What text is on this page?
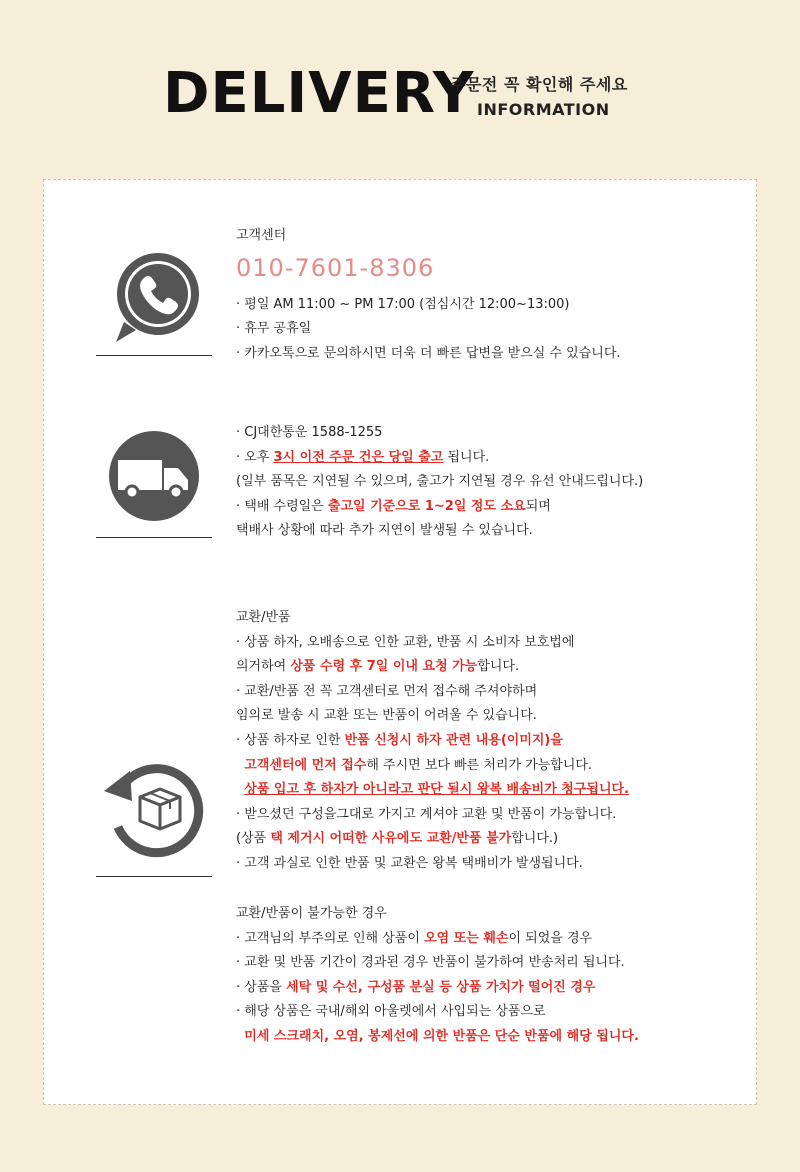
DELIVERY
주문전 꼭 확인해 주세요
INFORMATION
고객센터
010-7601-8306
· 평일 AM 11:00 ~ PM 17:00 (점심시간 12:00~13:00)
· 휴무 공휴일
· 카카오톡으로 문의하시면 더욱 더 빠른 답변을 받으실 수 있습니다.
· CJ대한통운 1588-1255
· 오후 3시 이전 주문 건은 당일 출고 됩니다.
(일부 품목은 지연될 수 있으며, 출고가 지연될 경우 유선 안내드립니다.)
· 택배 수령일은 출고일 기준으로 1~2일 정도 소요되며
택배사 상황에 따라 추가 지연이 발생될 수 있습니다.
교환/반품
· 상품 하자, 오배송으로 인한 교환, 반품 시 소비자 보호법에
의거하여 상품 수령 후 7일 이내 요청 가능합니다.
· 교환/반품 전 꼭 고객센터로 먼저 접수해 주셔야하며
임의로 발송 시 교환 또는 반품이 어려울 수 있습니다.
· 상품 하자로 인한 반품 신청시 하자 관련 내용(이미지)을
고객센터에 먼저 접수해 주시면 보다 빠른 처리가 가능합니다.
상품 입고 후 하자가 아니라고 판단 될시 왕복 배송비가 청구됩니다.
· 받으셨던 구성을그대로 가지고 계셔야 교환 및 반품이 가능합니다.
(상품 택 제거시 어떠한 사유에도 교환/반품 불가합니다.)
· 고객 과실로 인한 반품 및 교환은 왕복 택배비가 발생됩니다.
교환/반품이 불가능한 경우
· 고객님의 부주의로 인해 상품이 오염 또는 훼손이 되었을 경우
· 교환 및 반품 기간이 경과된 경우 반품이 불가하여 반송처리 됩니다.
· 상품을 세탁 및 수선, 구성품 분실 등 상품 가치가 떨어진 경우
· 해당 상품은 국내/해외 아울렛에서 사입되는 상품으로
미세 스크래치, 오염, 봉제선에 의한 반품은 단순 반품에 해당 됩니다.
